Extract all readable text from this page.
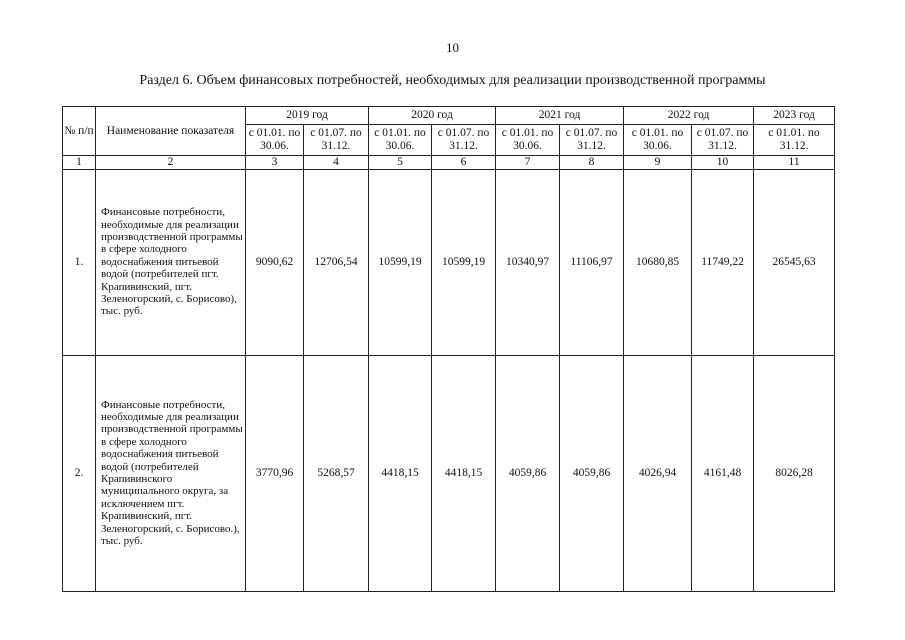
10
Раздел 6. Объем финансовых потребностей, необходимых для реализации производственной программы
№ п/п	Наименование показателя	2019 год		2020 год		2021 год		2022 год		2023 год
		с 01.01. по 30.06.	с 01.07. по 31.12.	с 01.01. по 30.06.	с 01.07. по 31.12.	с 01.01. по 30.06.	с 01.07. по 31.12.	с 01.01. по 30.06.	с 01.07. по 31.12.	с 01.01. по 31.12.
1	2	3	4	5	6	7	8	9	10	11
1.	Финансовые потребности, необходимые для реализации производственной программы в сфере холодного водоснабжения питьевой водой (потребителей пгт. Крапивинский, пгт. Зеленогорский, с. Борисово), тыс. руб.	9090,62	12706,54	10599,19	10599,19	10340,97	11106,97	10680,85	11749,22	26545,63
2.	Финансовые потребности, необходимые для реализации производственной программы в сфере холодного водоснабжения питьевой водой (потребителей Крапивинского муниципального округа, за исключением пгт. Крапивинский, пгт. Зеленогорский, с. Борисово.), тыс. руб.	3770,96	5268,57	4418,15	4418,15	4059,86	4059,86	4026,94	4161,48	8026,28
